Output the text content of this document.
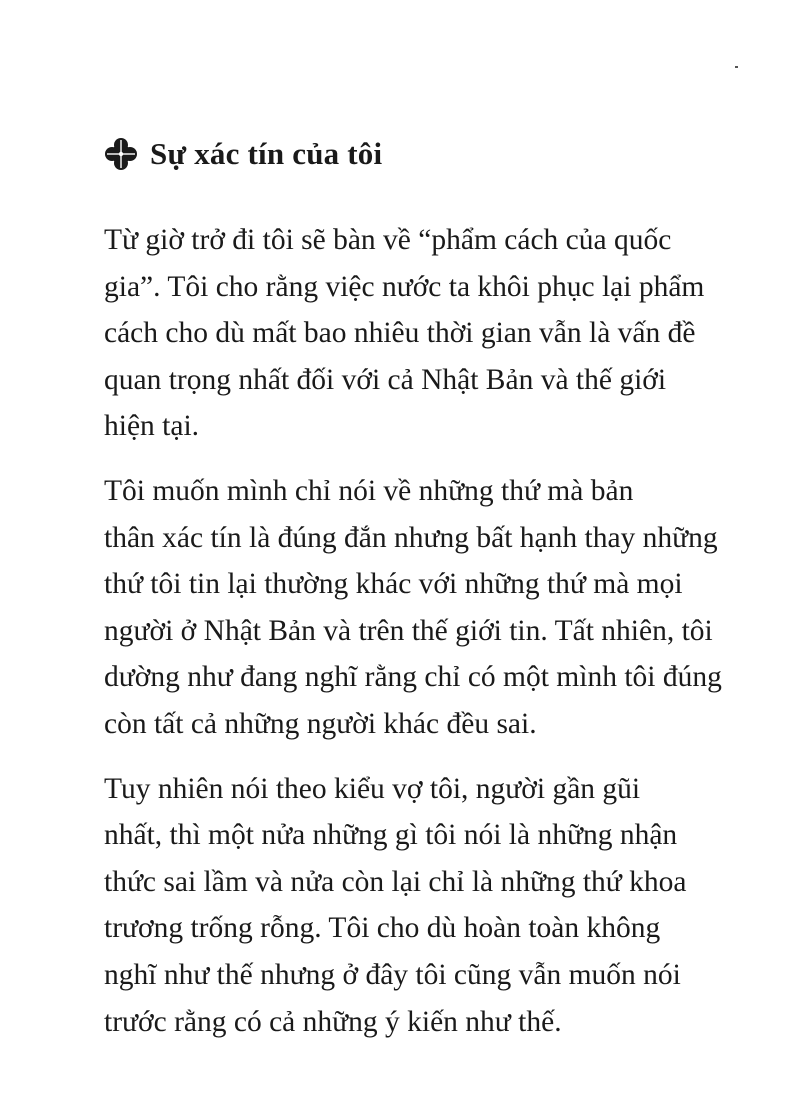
Sự xác tín của tôi
Từ giờ trở đi tôi sẽ bàn về “phẩm cách của quốc
gia”. Tôi cho rằng việc nước ta khôi phục lại phẩm
cách cho dù mất bao nhiêu thời gian vẫn là vấn đề
quan trọng nhất đối với cả Nhật Bản và thế giới
hiện tại.
Tôi muốn mình chỉ nói về những thứ mà bản
thân xác tín là đúng đắn nhưng bất hạnh thay những
thứ tôi tin lại thường khác với những thứ mà mọi
người ở Nhật Bản và trên thế giới tin. Tất nhiên, tôi
dường như đang nghĩ rằng chỉ có một mình tôi đúng
còn tất cả những người khác đều sai.
Tuy nhiên nói theo kiểu vợ tôi, người gần gũi
nhất, thì một nửa những gì tôi nói là những nhận
thức sai lầm và nửa còn lại chỉ là những thứ khoa
trương trống rỗng. Tôi cho dù hoàn toàn không
nghĩ như thế nhưng ở đây tôi cũng vẫn muốn nói
trước rằng có cả những ý kiến như thế.
